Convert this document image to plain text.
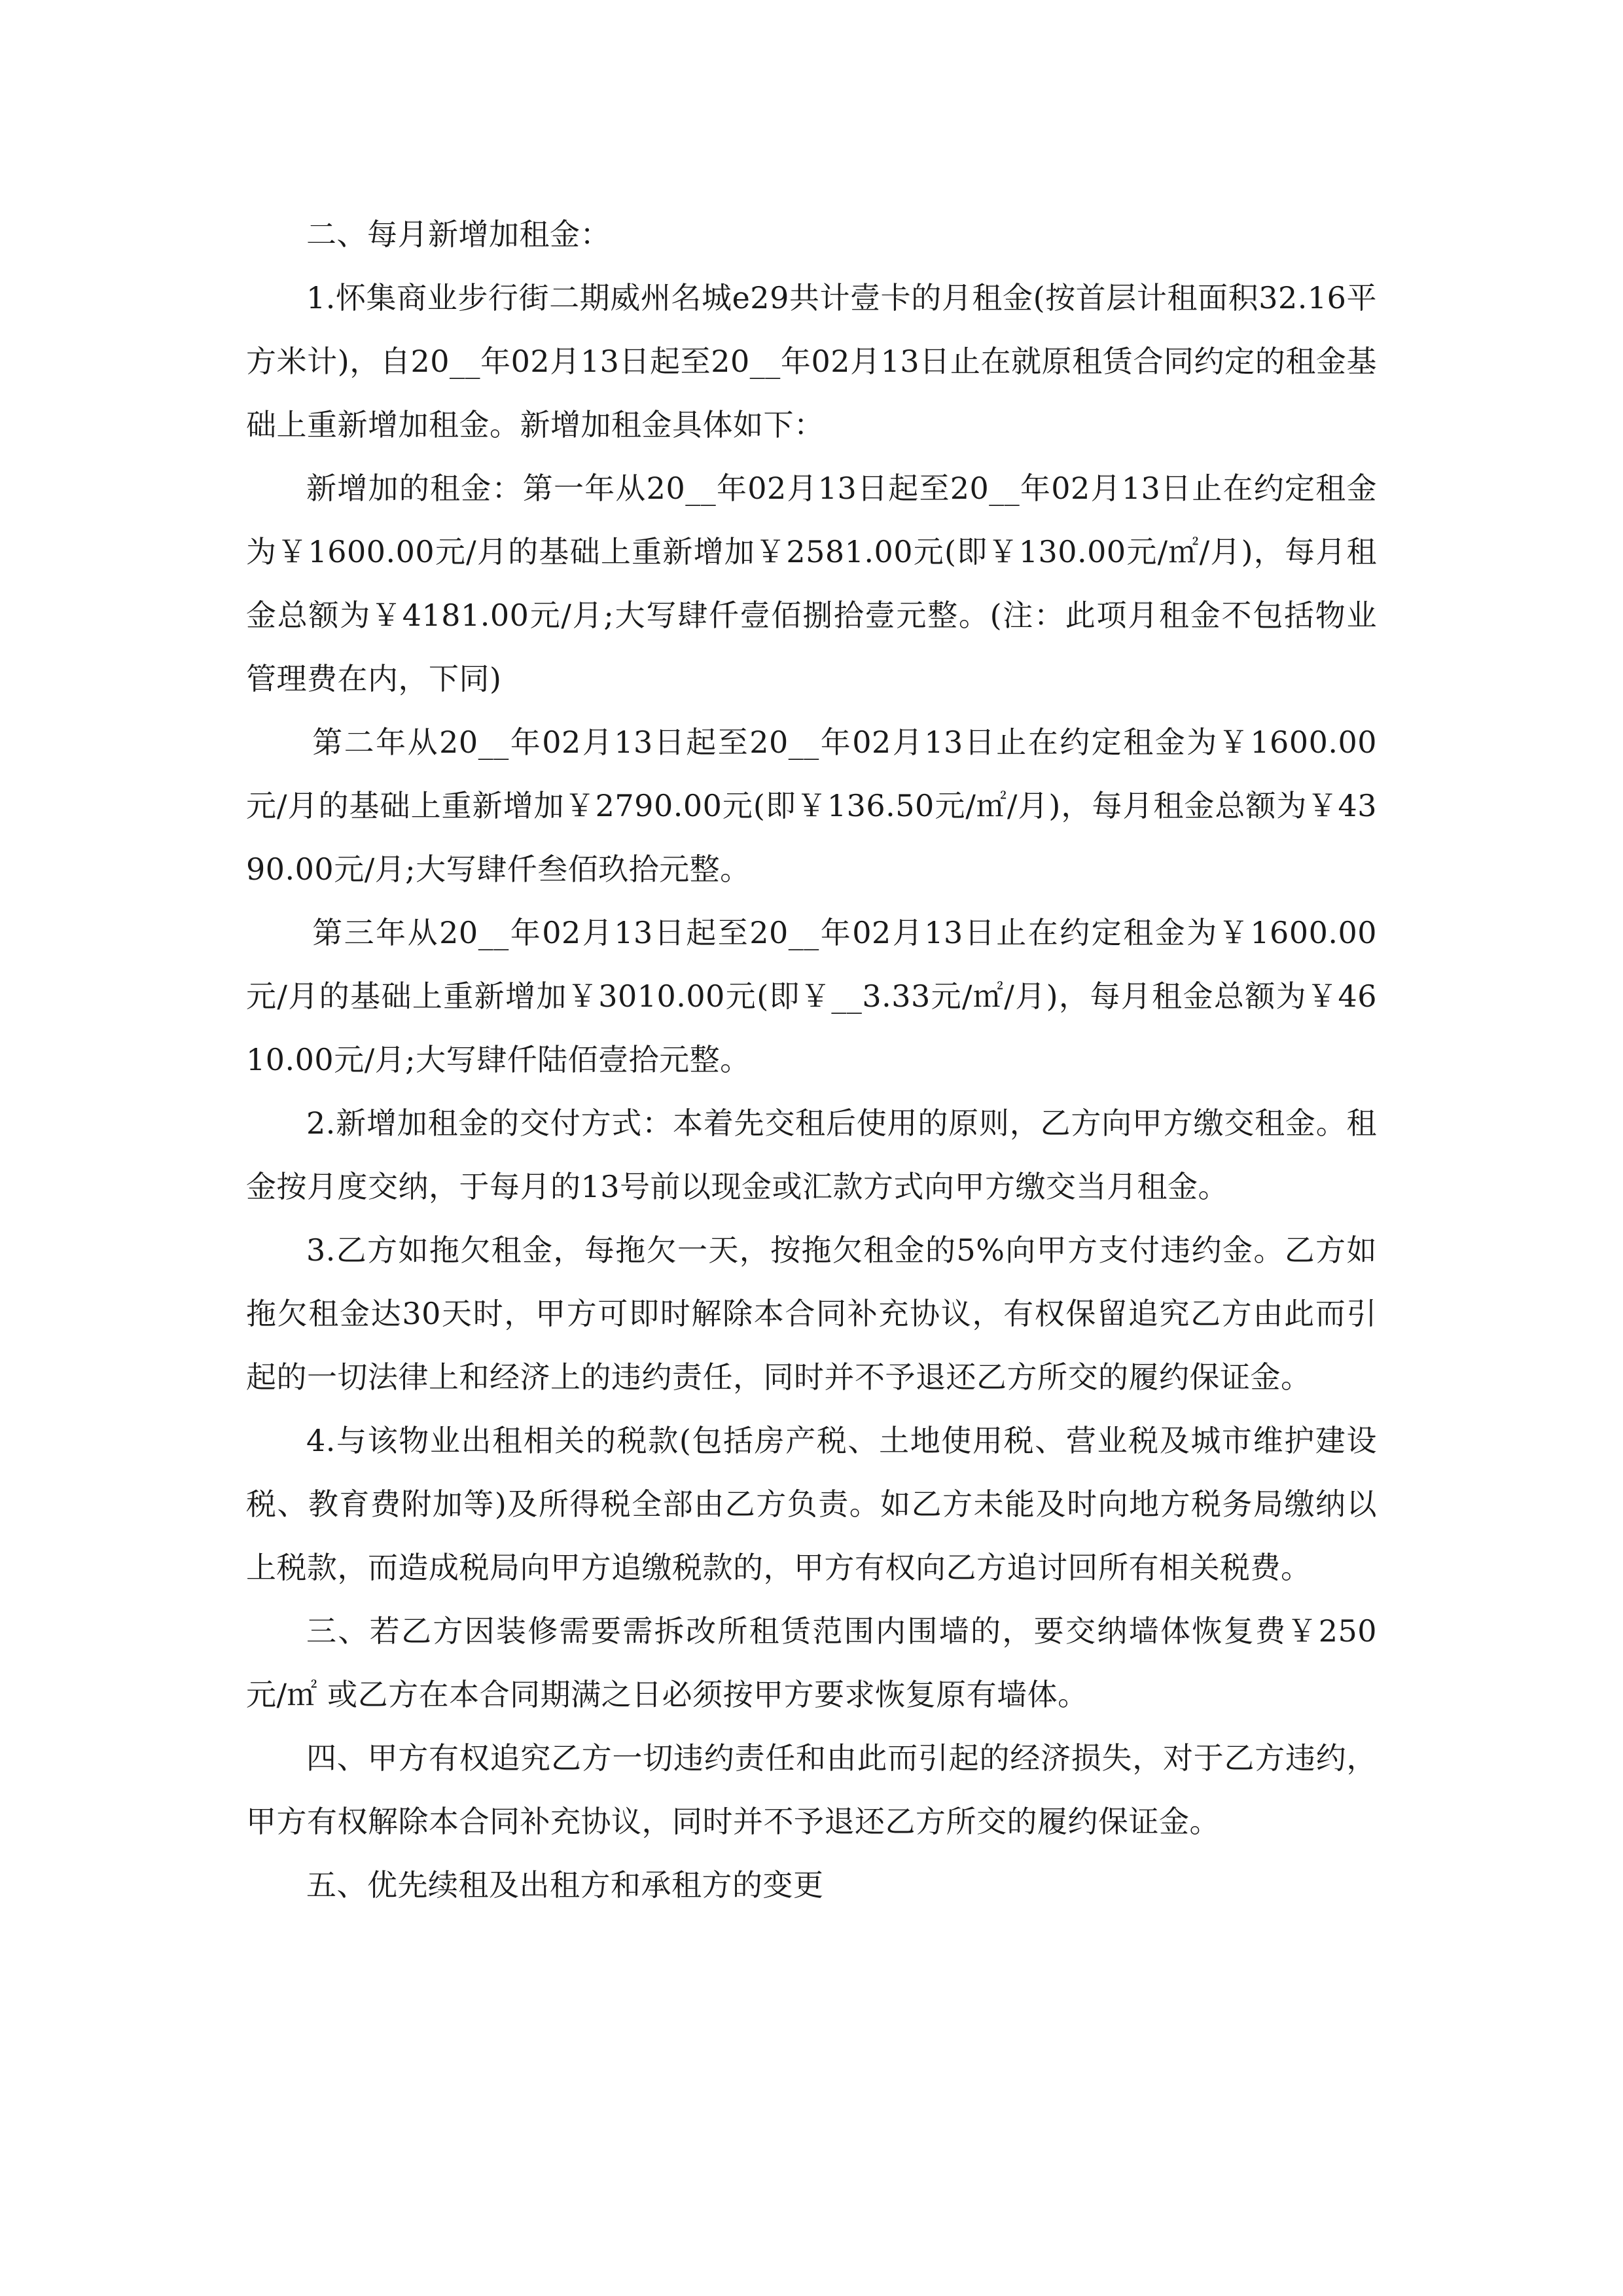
二、每月新增加租金：

1.怀集商业步行街二期威州名城e29共计壹卡的月租金(按首层计租面积32.16平方米计)，自20__年02月13日起至20__年02月13日止在就原租赁合同约定的租金基础上重新增加租金。新增加租金具体如下：

新增加的租金：第一年从20__年02月13日起至20__年02月13日止在约定租金为￥1600.00元/月的基础上重新增加￥2581.00元(即￥130.00元/㎡/月)，每月租金总额为￥4181.00元/月;大写肆仟壹佰捌拾壹元整。(注：此项月租金不包括物业管理费在内，下同)

第二年从20__年02月13日起至20__年02月13日止在约定租金为￥1600.00元/月的基础上重新增加￥2790.00元(即￥136.50元/㎡/月)，每月租金总额为￥4390.00元/月;大写肆仟叁佰玖拾元整。

第三年从20__年02月13日起至20__年02月13日止在约定租金为￥1600.00元/月的基础上重新增加￥3010.00元(即￥__3.33元/㎡/月)，每月租金总额为￥4610.00元/月;大写肆仟陆佰壹拾元整。

2.新增加租金的交付方式：本着先交租后使用的原则，乙方向甲方缴交租金。租金按月度交纳，于每月的13号前以现金或汇款方式向甲方缴交当月租金。

3.乙方如拖欠租金，每拖欠一天，按拖欠租金的5%向甲方支付违约金。乙方如拖欠租金达30天时，甲方可即时解除本合同补充协议，有权保留追究乙方由此而引起的一切法律上和经济上的违约责任，同时并不予退还乙方所交的履约保证金。

4.与该物业出租相关的税款(包括房产税、土地使用税、营业税及城市维护建设税、教育费附加等)及所得税全部由乙方负责。如乙方未能及时向地方税务局缴纳以上税款，而造成税局向甲方追缴税款的，甲方有权向乙方追讨回所有相关税费。

三、若乙方因装修需要需拆改所租赁范围内围墙的，要交纳墙体恢复费￥250元/㎡ 或乙方在本合同期满之日必须按甲方要求恢复原有墙体。

四、甲方有权追究乙方一切违约责任和由此而引起的经济损失，对于乙方违约，甲方有权解除本合同补充协议，同时并不予退还乙方所交的履约保证金。

五、优先续租及出租方和承租方的变更
